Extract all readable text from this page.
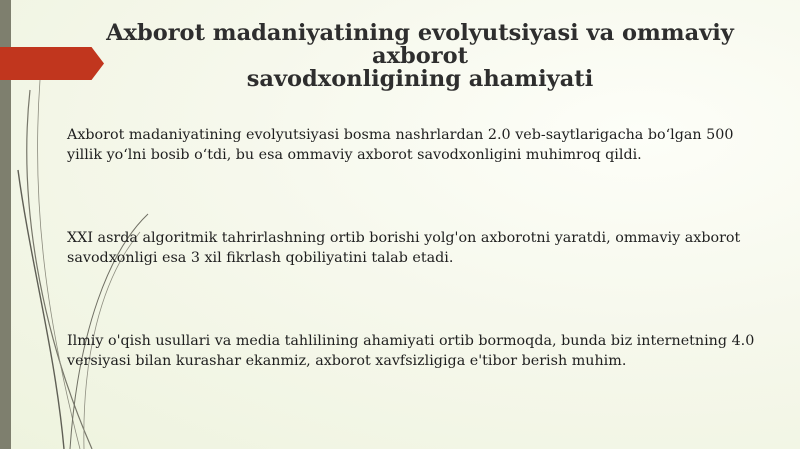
Axborot madaniyatining evolyutsiyasi va ommaviy axborot
savodxonligining ahamiyati

Axborot madaniyatining evolyutsiyasi bosma nashrlardan 2.0 veb-saytlarigacha bo‘lgan 500
yillik yo‘lni bosib o‘tdi, bu esa ommaviy axborot savodxonligini muhimroq qildi.

XXI asrda algoritmik tahrirlashning ortib borishi yolg'on axborotni yaratdi, ommaviy axborot
savodxonligi esa 3 xil fikrlash qobiliyatini talab etadi.

Ilmiy o'qish usullari va media tahlilining ahamiyati ortib bormoqda, bunda biz internetning 4.0
versiyasi bilan kurashar ekanmiz, axborot xavfsizligiga e'tibor berish muhim.
